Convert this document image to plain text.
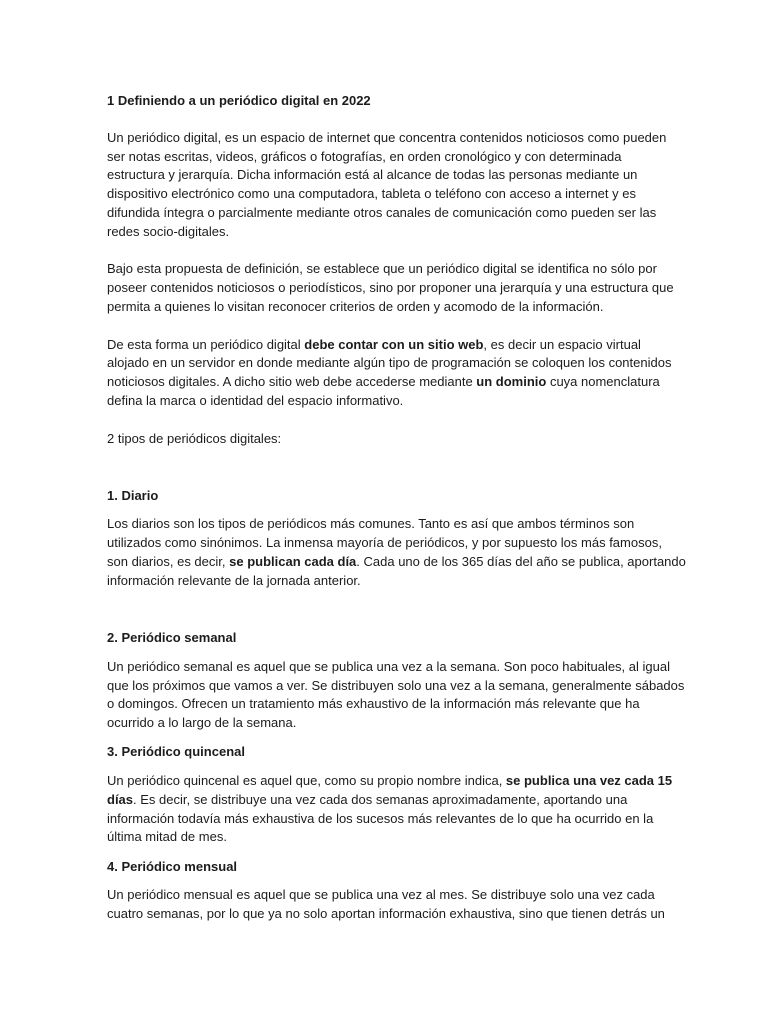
1 Definiendo a un periódico digital en 2022
Un periódico digital, es un espacio de internet que concentra contenidos noticiosos como pueden
ser notas escritas, videos, gráficos o fotografías, en orden cronológico y con determinada
estructura y jerarquía. Dicha información está al alcance de todas las personas mediante un
dispositivo electrónico como una computadora, tableta o teléfono con acceso a internet y es
difundida íntegra o parcialmente mediante otros canales de comunicación como pueden ser las
redes socio-digitales.
Bajo esta propuesta de definición, se establece que un periódico digital se identifica no sólo por
poseer contenidos noticiosos o periodísticos, sino por proponer una jerarquía y una estructura que
permita a quienes lo visitan reconocer criterios de orden y acomodo de la información.
De esta forma un periódico digital debe contar con un sitio web, es decir un espacio virtual
alojado en un servidor en donde mediante algún tipo de programación se coloquen los contenidos
noticiosos digitales. A dicho sitio web debe accederse mediante un dominio cuya nomenclatura
defina la marca o identidad del espacio informativo.
2 tipos de periódicos digitales:
1. Diario
Los diarios son los tipos de periódicos más comunes. Tanto es así que ambos términos son
utilizados como sinónimos. La inmensa mayoría de periódicos, y por supuesto los más famosos,
son diarios, es decir, se publican cada día. Cada uno de los 365 días del año se publica, aportando
información relevante de la jornada anterior.
2. Periódico semanal
Un periódico semanal es aquel que se publica una vez a la semana. Son poco habituales, al igual
que los próximos que vamos a ver. Se distribuyen solo una vez a la semana, generalmente sábados
o domingos. Ofrecen un tratamiento más exhaustivo de la información más relevante que ha
ocurrido a lo largo de la semana.
3. Periódico quincenal
Un periódico quincenal es aquel que, como su propio nombre indica, se publica una vez cada 15
días. Es decir, se distribuye una vez cada dos semanas aproximadamente, aportando una
información todavía más exhaustiva de los sucesos más relevantes de lo que ha ocurrido en la
última mitad de mes.
4. Periódico mensual
Un periódico mensual es aquel que se publica una vez al mes. Se distribuye solo una vez cada
cuatro semanas, por lo que ya no solo aportan información exhaustiva, sino que tienen detrás un
